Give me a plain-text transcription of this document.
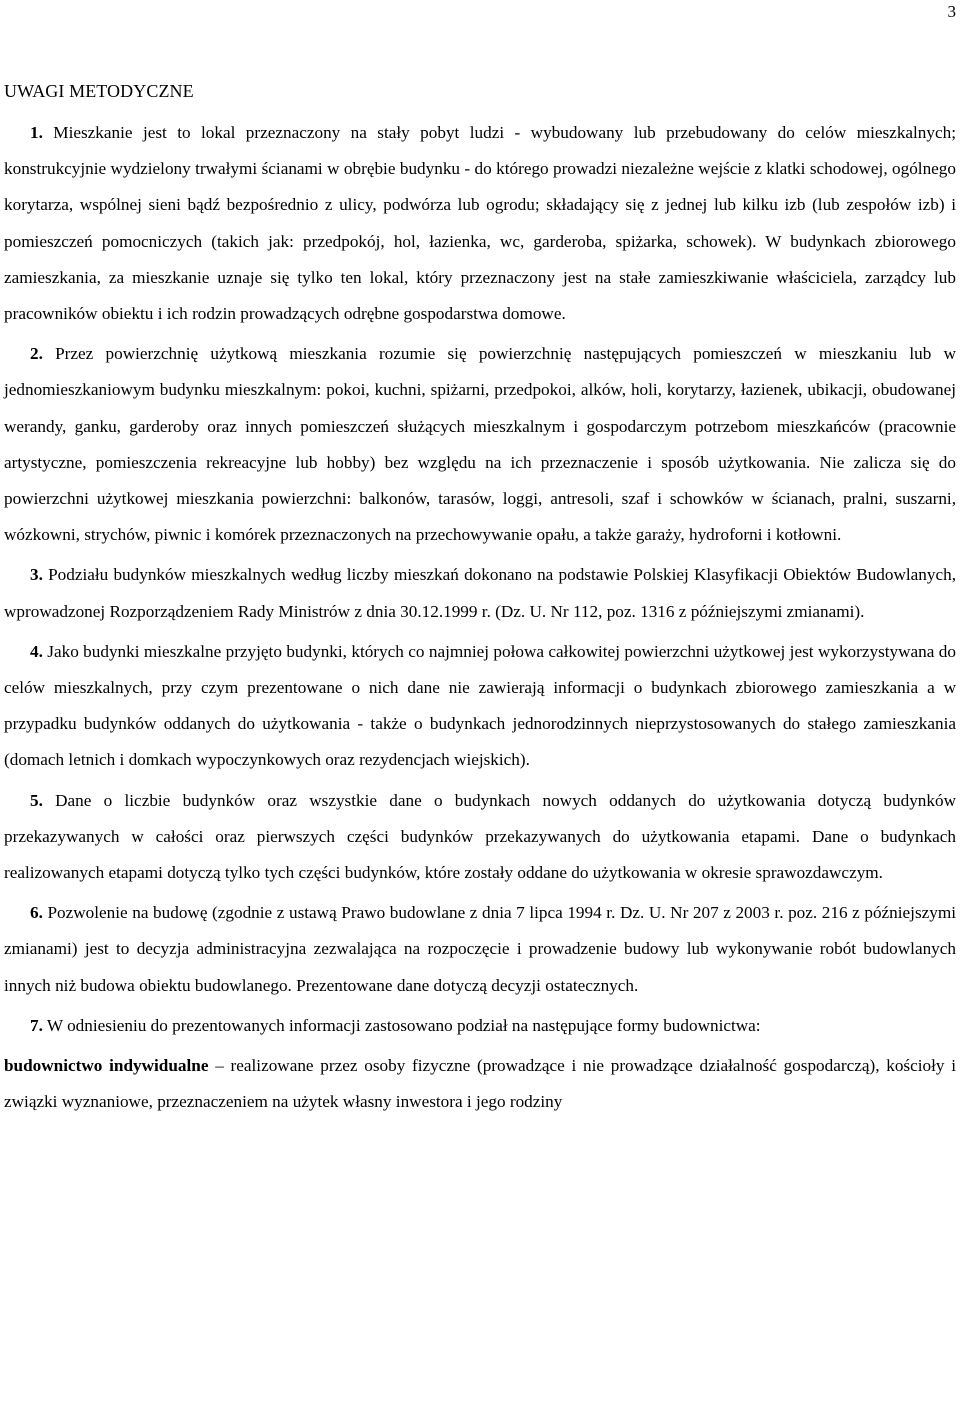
3
UWAGI METODYCZNE

1. Mieszkanie jest to lokal przeznaczony na stały pobyt ludzi - wybudowany lub przebudowany do celów mieszkalnych; konstrukcyjnie wydzielony trwałymi ścianami w obrębie budynku - do którego prowadzi niezależne wejście z klatki schodowej, ogólnego korytarza, wspólnej sieni bądź bezpośrednio z ulicy, podwórza lub ogrodu; składający się z jednej lub kilku izb (lub zespołów izb) i pomieszczeń pomocniczych (takich jak: przedpokój, hol, łazienka, wc, garderoba, spiżarka, schowek). W budynkach zbiorowego zamieszkania, za mieszkanie uznaje się tylko ten lokal, który przeznaczony jest na stałe zamieszkiwanie właściciela, zarządcy lub pracowników obiektu i ich rodzin prowadzących odrębne gospodarstwa domowe.

2. Przez powierzchnię użytkową mieszkania rozumie się powierzchnię następujących pomieszczeń w mieszkaniu lub w jednomieszkaniowym budynku mieszkalnym: pokoi, kuchni, spiżarni, przedpokoi, alków, holi, korytarzy, łazienek, ubikacji, obudowanej werandy, ganku, garderoby oraz innych pomieszczeń służących mieszkalnym i gospodarczym potrzebom mieszkańców (pracownie artystyczne, pomieszczenia rekreacyjne lub hobby) bez względu na ich przeznaczenie i sposób użytkowania. Nie zalicza się do powierzchni użytkowej mieszkania powierzchni: balkonów, tarasów, loggi, antresoli, szaf i schowków w ścianach, pralni, suszarni, wózkowni, strychów, piwnic i komórek przeznaczonych na przechowywanie opału, a także garaży, hydroforni i kotłowni.

3. Podziału budynków mieszkalnych według liczby mieszkań dokonano na podstawie Polskiej Klasyfikacji Obiektów Budowlanych, wprowadzonej Rozporządzeniem Rady Ministrów z dnia 30.12.1999 r. (Dz. U. Nr 112, poz. 1316 z późniejszymi zmianami).

4. Jako budynki mieszkalne przyjęto budynki, których co najmniej połowa całkowitej powierzchni użytkowej jest wykorzystywana do celów mieszkalnych, przy czym prezentowane o nich dane nie zawierają informacji o budynkach zbiorowego zamieszkania a w przypadku budynków oddanych do użytkowania - także o budynkach jednorodzinnych nieprzystosowanych do stałego zamieszkania (domach letnich i domkach wypoczynkowych oraz rezydencjach wiejskich).

5. Dane o liczbie budynków oraz wszystkie dane o budynkach nowych oddanych do użytkowania dotyczą budynków przekazywanych w całości oraz pierwszych części budynków przekazywanych do użytkowania etapami. Dane o budynkach realizowanych etapami dotyczą tylko tych części budynków, które zostały oddane do użytkowania w okresie sprawozdawczym.

6. Pozwolenie na budowę (zgodnie z ustawą Prawo budowlane z dnia 7 lipca 1994 r. Dz. U. Nr 207 z 2003 r. poz. 216 z późniejszymi zmianami) jest to decyzja administracyjna zezwalająca na rozpoczęcie i prowadzenie budowy lub wykonywanie robót budowlanych innych niż budowa obiektu budowlanego. Prezentowane dane dotyczą decyzji ostatecznych.

7. W odniesieniu do prezentowanych informacji zastosowano podział na następujące formy budownictwa:

budownictwo indywidualne – realizowane przez osoby fizyczne (prowadzące i nie prowadzące działalność gospodarczą), kościoły i związki wyznaniowe, przeznaczeniem na użytek własny inwestora i jego rodziny
